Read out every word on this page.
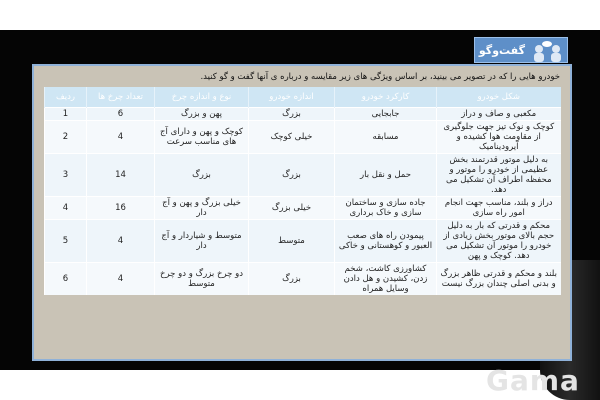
گفت‌وگو
خودرو هایی را که در تصویر می بینید، بر اساس ویژگی های زیر مقایسه و درباره ی آنها گفت و گو کنید.
شکل خودرو	کارکرد خودرو	اندازه خودرو	نوع و اندازه چرخ	تعداد چرخ ها	ردیف
مکعبی و صاف و دراز	جابجایی	بزرگ	پهن و بزرگ	6	1
کوچک و نوک تیز جهت جلوگیری از مقاومت هوا کشیده و آیرودینامیک	مسابقه	خیلی کوچک	کوچک و پهن و دارای آج های مناسب سرعت	4	2
به دلیل موتور قدرتمند بخش عظیمی از خودرو را موتور و محفظه اطراف آن تشکیل می دهد.	حمل و نقل بار	بزرگ	بزرگ	14	3
دراز و بلند، مناسب جهت انجام امور راه سازی	جاده سازی و ساختمان سازی و خاک برداری	خیلی بزرگ	خیلی بزرگ و پهن و آج دار	16	4
محکم و قدرتی که بار به دلیل حجم بالای موتور بخش زیادی از خودرو را موتور آن تشکیل می دهد. کوچک و پهن	پیمودن راه های صعب العبور و کوهستانی و خاکی	متوسط	متوسط و شیاردار و آج دار	4	5
بلند و محکم و قدرتی ظاهر بزرگ و بدنی اصلی چندان بزرگ نیست	کشاورزی کاشت، شخم زدن، کشیدن و هل دادن وسایل همراه	بزرگ	دو چرخ بزرگ و دو چرخ متوسط	4	6
Gama
